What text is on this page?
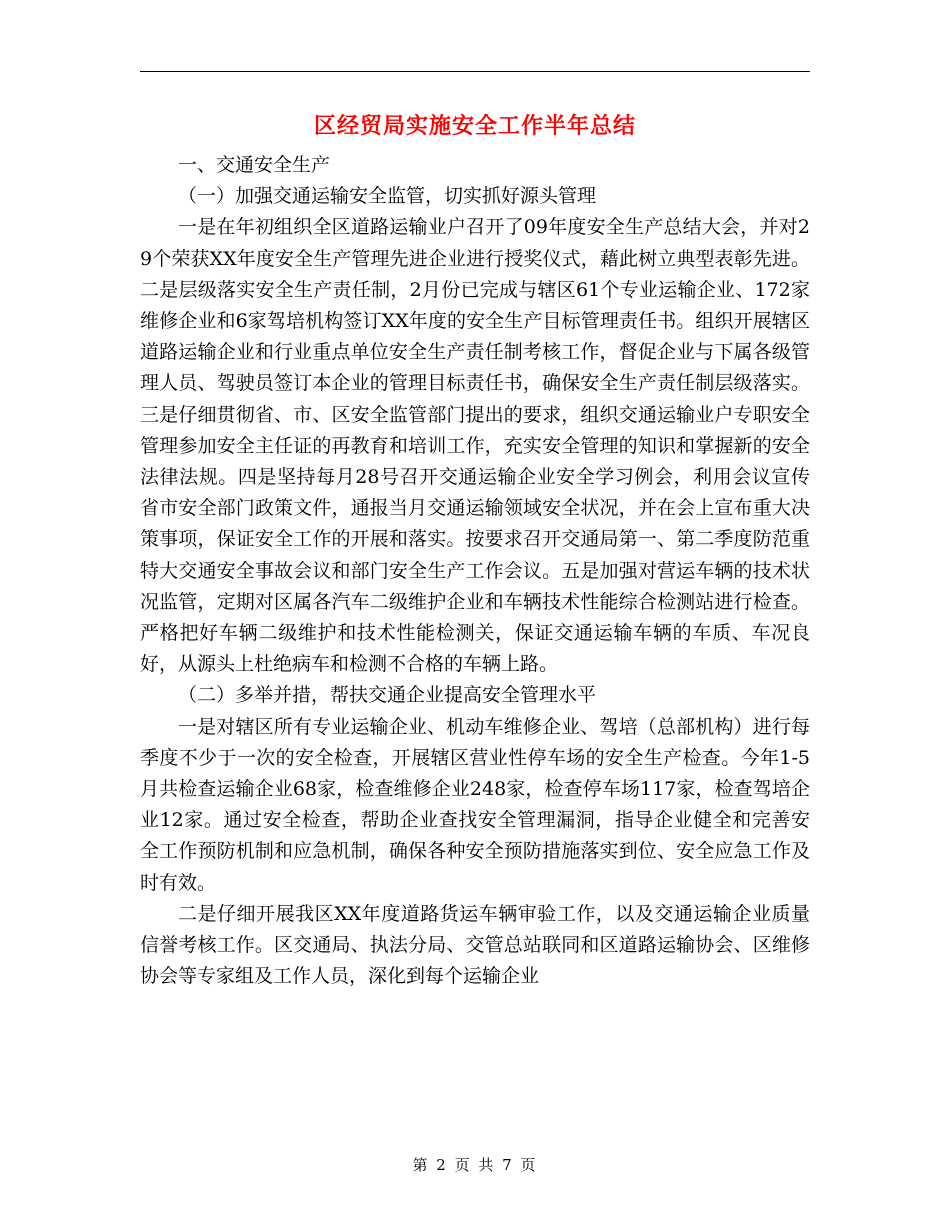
区经贸局实施安全工作半年总结

一、交通安全生产

（一）加强交通运输安全监管，切实抓好源头管理

一是在年初组织全区道路运输业户召开了09年度安全生产总结大会，并对29个荣获XX年度安全生产管理先进企业进行授奖仪式，藉此树立典型表彰先进。二是层级落实安全生产责任制，2月份已完成与辖区61个专业运输企业、172家维修企业和6家驾培机构签订XX年度的安全生产目标管理责任书。组织开展辖区道路运输企业和行业重点单位安全生产责任制考核工作，督促企业与下属各级管理人员、驾驶员签订本企业的管理目标责任书，确保安全生产责任制层级落实。三是仔细贯彻省、市、区安全监管部门提出的要求，组织交通运输业户专职安全管理参加安全主任证的再教育和培训工作，充实安全管理的知识和掌握新的安全法律法规。四是坚持每月28号召开交通运输企业安全学习例会，利用会议宣传省市安全部门政策文件，通报当月交通运输领域安全状况，并在会上宣布重大决策事项，保证安全工作的开展和落实。按要求召开交通局第一、第二季度防范重特大交通安全事故会议和部门安全生产工作会议。五是加强对营运车辆的技术状况监管，定期对区属各汽车二级维护企业和车辆技术性能综合检测站进行检查。严格把好车辆二级维护和技术性能检测关，保证交通运输车辆的车质、车况良好，从源头上杜绝病车和检测不合格的车辆上路。

（二）多举并措，帮扶交通企业提高安全管理水平

一是对辖区所有专业运输企业、机动车维修企业、驾培（总部机构）进行每季度不少于一次的安全检查，开展辖区营业性停车场的安全生产检查。今年1-5月共检查运输企业68家，检查维修企业248家，检查停车场117家，检查驾培企业12家。通过安全检查，帮助企业查找安全管理漏洞，指导企业健全和完善安全工作预防机制和应急机制，确保各种安全预防措施落实到位、安全应急工作及时有效。

二是仔细开展我区XX年度道路货运车辆审验工作，以及交通运输企业质量信誉考核工作。区交通局、执法分局、交管总站联同和区道路运输协会、区维修协会等专家组及工作人员，深化到每个运输企业

第 2 页 共 7 页
